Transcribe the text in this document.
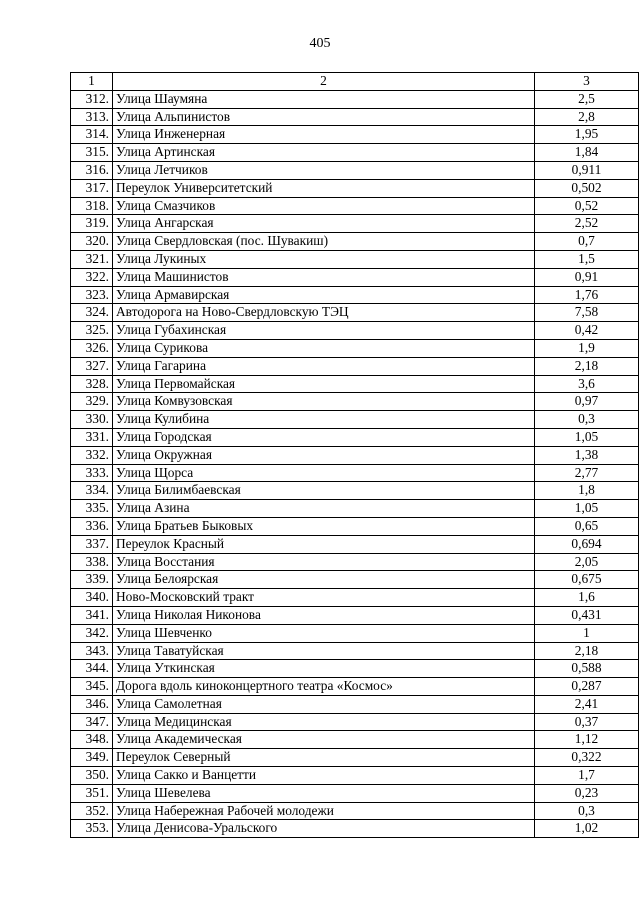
405
1	2	3
312.	Улица Шаумяна	2,5
313.	Улица Альпинистов	2,8
314.	Улица Инженерная	1,95
315.	Улица Артинская	1,84
316.	Улица Летчиков	0,911
317.	Переулок Университетский	0,502
318.	Улица Смазчиков	0,52
319.	Улица Ангарская	2,52
320.	Улица Свердловская (пос. Шувакиш)	0,7
321.	Улица Лукиных	1,5
322.	Улица Машинистов	0,91
323.	Улица Армавирская	1,76
324.	Автодорога на Ново-Свердловскую ТЭЦ	7,58
325.	Улица Губахинская	0,42
326.	Улица Сурикова	1,9
327.	Улица Гагарина	2,18
328.	Улица Первомайская	3,6
329.	Улица Комвузовская	0,97
330.	Улица Кулибина	0,3
331.	Улица Городская	1,05
332.	Улица Окружная	1,38
333.	Улица Щорса	2,77
334.	Улица Билимбаевская	1,8
335.	Улица Азина	1,05
336.	Улица Братьев Быковых	0,65
337.	Переулок Красный	0,694
338.	Улица Восстания	2,05
339.	Улица Белоярская	0,675
340.	Ново-Московский тракт	1,6
341.	Улица Николая Никонова	0,431
342.	Улица Шевченко	1
343.	Улица Таватуйская	2,18
344.	Улица Уткинская	0,588
345.	Дорога вдоль киноконцертного театра «Космос»	0,287
346.	Улица Самолетная	2,41
347.	Улица Медицинская	0,37
348.	Улица Академическая	1,12
349.	Переулок Северный	0,322
350.	Улица Сакко и Ванцетти	1,7
351.	Улица Шевелева	0,23
352.	Улица Набережная Рабочей молодежи	0,3
353.	Улица Денисова-Уральского	1,02
